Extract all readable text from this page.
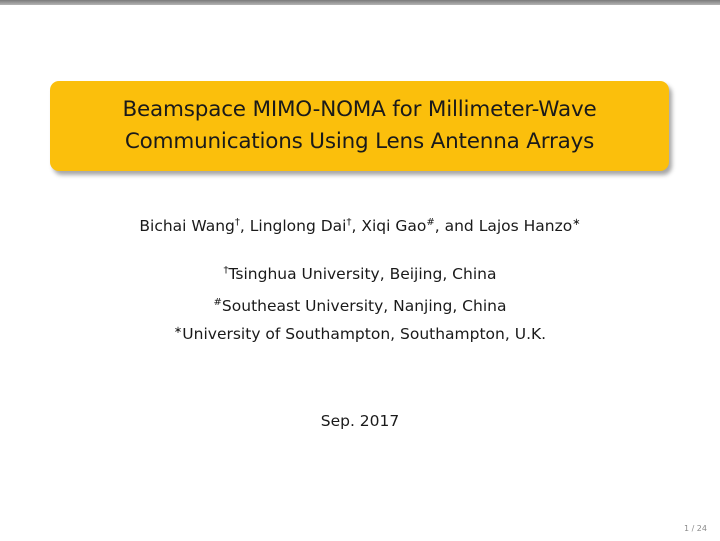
Beamspace MIMO-NOMA for Millimeter-Wave
Communications Using Lens Antenna Arrays
Bichai Wang†, Linglong Dai†, Xiqi Gao#, and Lajos Hanzo∗
†Tsinghua University, Beijing, China
#Southeast University, Nanjing, China
∗University of Southampton, Southampton, U.K.
Sep. 2017
1 / 24
